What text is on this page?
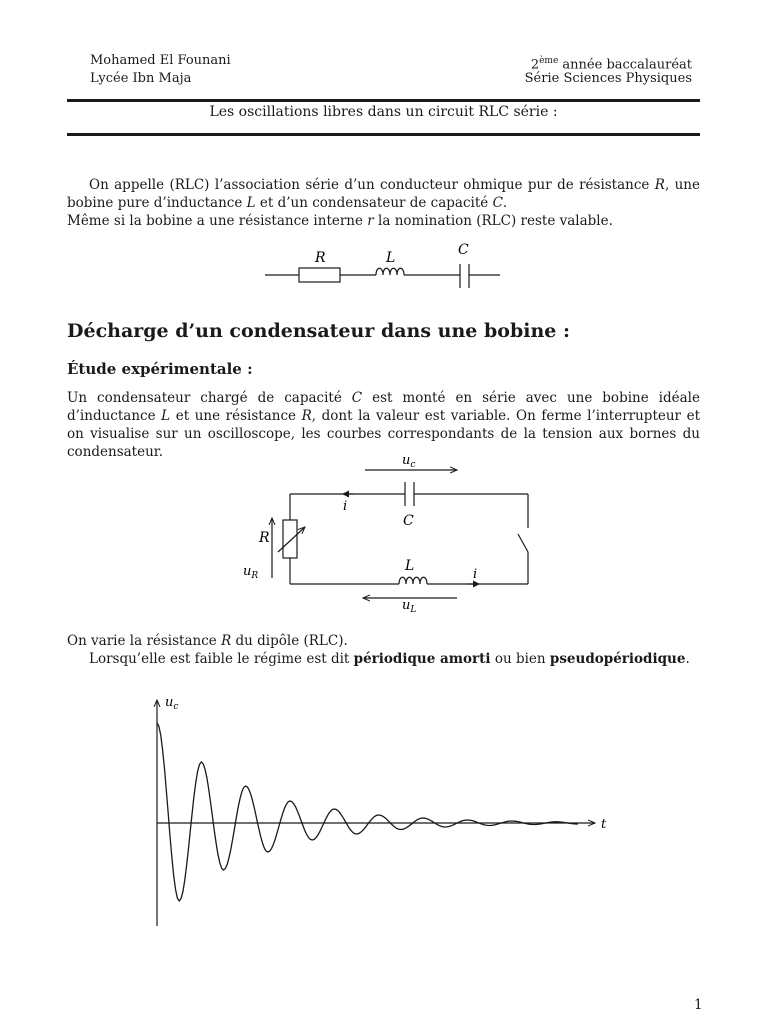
Mohamed El Founani
Lycée Ibn Maja
2ème année baccalauréat
Série Sciences Physiques
Les oscillations libres dans un circuit RLC série :
On appelle (RLC) l’association série d’un conducteur ohmique pur de résistance R, une bobine pure d’inductance L et d’un condensateur de capacité C.
Même si la bobine a une résistance interne r la nomination (RLC) reste valable.
R	L	C
Décharge d’un condensateur dans une bobine :
Étude expérimentale :
Un condensateur chargé de capacité C est monté en série avec une bobine idéale d’inductance L et une résistance R, dont la valeur est variable. On ferme l’interrupteur et on visualise sur un oscilloscope, les courbes correspondants de la tension aux bornes du condensateur.
$u_c$
i
C
R
$u_R$
L
i
$u_L$
On varie la résistance R du dipôle (RLC).
Lorsqu’elle est faible le régime est dit périodique amorti ou bien pseudopériodique.
$u_c$
t
1
